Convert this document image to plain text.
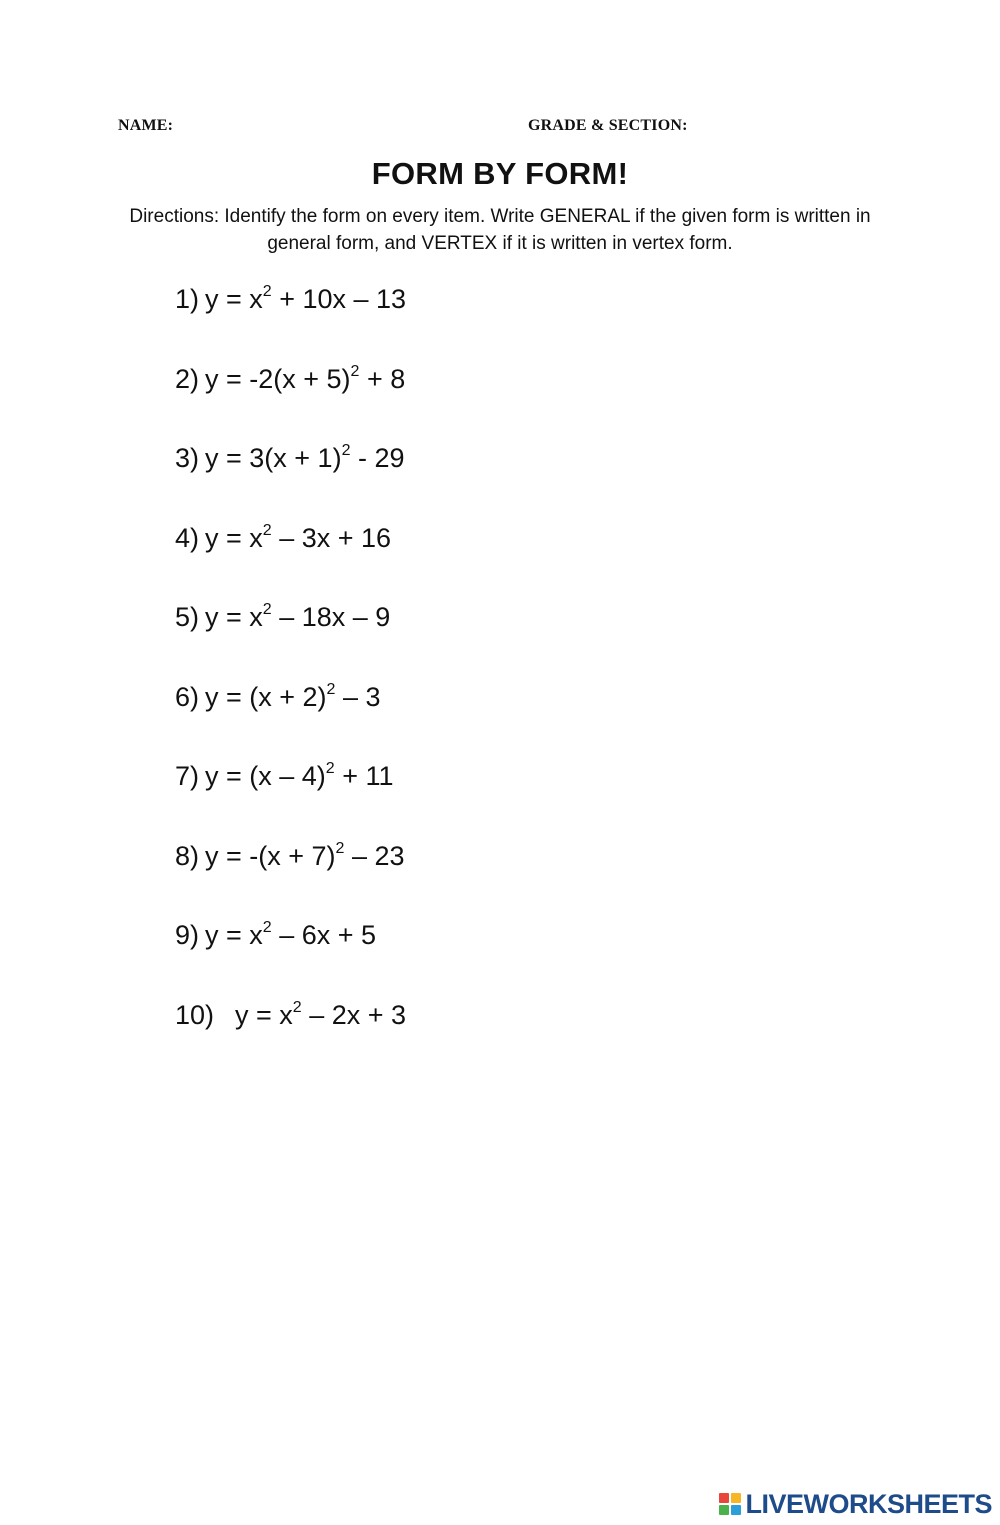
NAME:	GRADE & SECTION:
FORM BY FORM!
Directions: Identify the form on every item. Write GENERAL if the given form is written in general form, and VERTEX if it is written in vertex form.
1) $y = x^2 + 10x - 13$
2) $y = -2(x + 5)^2 + 8$
3) $y = 3(x + 1)^2 - 29$
4) $y = x^2 - 3x + 16$
5) $y = x^2 - 18x - 9$
6) $y = (x + 2)^2 - 3$
7) y = (x – 4)$^2$ + 11
8) $y = -(x + 7)^2 - 23$
9) $y = x^2 - 6x + 5$
10) $y = x^2 - 2x + 3$
LIVEWORKSHEETS
